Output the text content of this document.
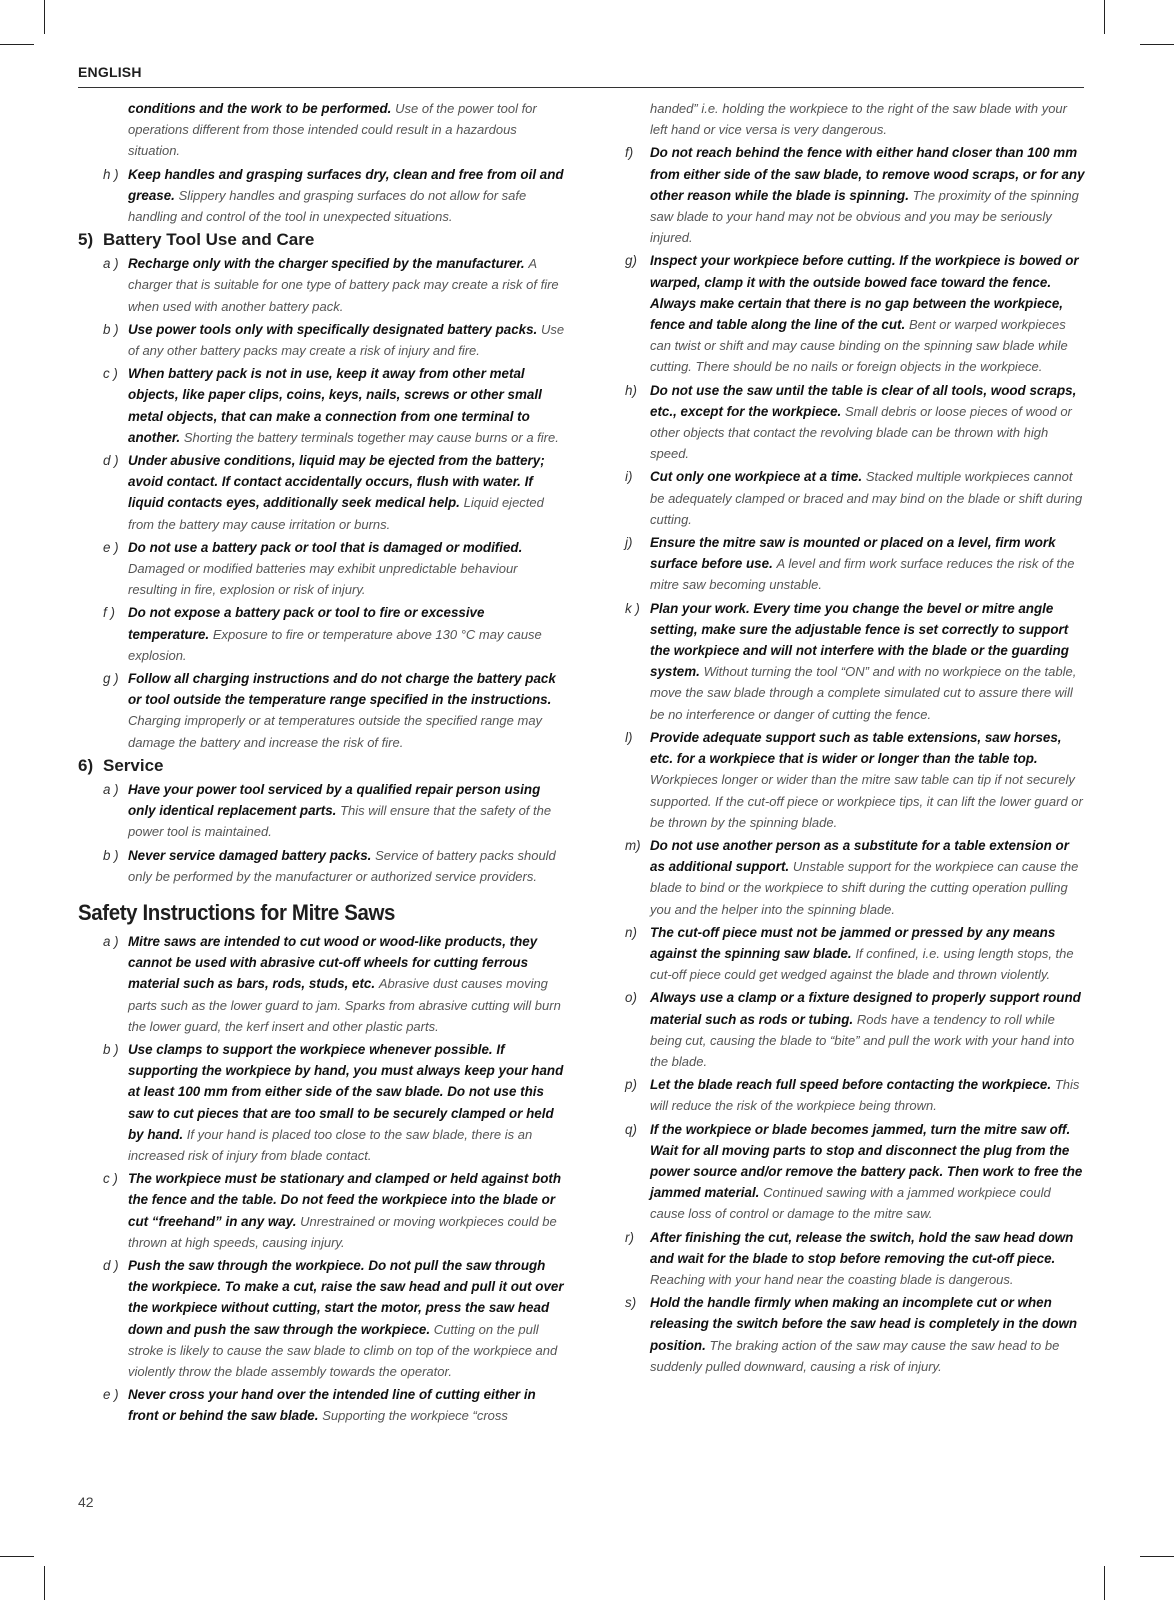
ENGLISH
conditions and the work to be performed. Use of the power tool for operations different from those intended could result in a hazardous situation.
h ) Keep handles and grasping surfaces dry, clean and free from oil and grease. Slippery handles and grasping surfaces do not allow for safe handling and control of the tool in unexpected situations.
5) Battery Tool Use and Care
a ) Recharge only with the charger specified by the manufacturer. A charger that is suitable for one type of battery pack may create a risk of fire when used with another battery pack.
b ) Use power tools only with specifically designated battery packs. Use of any other battery packs may create a risk of injury and fire.
c ) When battery pack is not in use, keep it away from other metal objects, like paper clips, coins, keys, nails, screws or other small metal objects, that can make a connection from one terminal to another. Shorting the battery terminals together may cause burns or a fire.
d ) Under abusive conditions, liquid may be ejected from the battery; avoid contact. If contact accidentally occurs, flush with water. If liquid contacts eyes, additionally seek medical help. Liquid ejected from the battery may cause irritation or burns.
e ) Do not use a battery pack or tool that is damaged or modified. Damaged or modified batteries may exhibit unpredictable behaviour resulting in fire, explosion or risk of injury.
f ) Do not expose a battery pack or tool to fire or excessive temperature. Exposure to fire or temperature above 130 °C may cause explosion.
g ) Follow all charging instructions and do not charge the battery pack or tool outside the temperature range specified in the instructions. Charging improperly or at temperatures outside the specified range may damage the battery and increase the risk of fire.
6) Service
a ) Have your power tool serviced by a qualified repair person using only identical replacement parts. This will ensure that the safety of the power tool is maintained.
b ) Never service damaged battery packs. Service of battery packs should only be performed by the manufacturer or authorized service providers.
Safety Instructions for Mitre Saws
a ) Mitre saws are intended to cut wood or wood-like products, they cannot be used with abrasive cut-off wheels for cutting ferrous material such as bars, rods, studs, etc. Abrasive dust causes moving parts such as the lower guard to jam. Sparks from abrasive cutting will burn the lower guard, the kerf insert and other plastic parts.
b ) Use clamps to support the workpiece whenever possible. If supporting the workpiece by hand, you must always keep your hand at least 100 mm from either side of the saw blade. Do not use this saw to cut pieces that are too small to be securely clamped or held by hand. If your hand is placed too close to the saw blade, there is an increased risk of injury from blade contact.
c ) The workpiece must be stationary and clamped or held against both the fence and the table. Do not feed the workpiece into the blade or cut “freehand” in any way. Unrestrained or moving workpieces could be thrown at high speeds, causing injury.
d ) Push the saw through the workpiece. Do not pull the saw through the workpiece. To make a cut, raise the saw head and pull it out over the workpiece without cutting, start the motor, press the saw head down and push the saw through the workpiece. Cutting on the pull stroke is likely to cause the saw blade to climb on top of the workpiece and violently throw the blade assembly towards the operator.
e ) Never cross your hand over the intended line of cutting either in front or behind the saw blade. Supporting the workpiece “cross
handed” i.e. holding the workpiece to the right of the saw blade with your left hand or vice versa is very dangerous.
f) Do not reach behind the fence with either hand closer than 100 mm from either side of the saw blade, to remove wood scraps, or for any other reason while the blade is spinning. The proximity of the spinning saw blade to your hand may not be obvious and you may be seriously injured.
g) Inspect your workpiece before cutting. If the workpiece is bowed or warped, clamp it with the outside bowed face toward the fence. Always make certain that there is no gap between the workpiece, fence and table along the line of the cut. Bent or warped workpieces can twist or shift and may cause binding on the spinning saw blade while cutting. There should be no nails or foreign objects in the workpiece.
h) Do not use the saw until the table is clear of all tools, wood scraps, etc., except for the workpiece. Small debris or loose pieces of wood or other objects that contact the revolving blade can be thrown with high speed.
i) Cut only one workpiece at a time. Stacked multiple workpieces cannot be adequately clamped or braced and may bind on the blade or shift during cutting.
j) Ensure the mitre saw is mounted or placed on a level, firm work surface before use. A level and firm work surface reduces the risk of the mitre saw becoming unstable.
k ) Plan your work. Every time you change the bevel or mitre angle setting, make sure the adjustable fence is set correctly to support the workpiece and will not interfere with the blade or the guarding system. Without turning the tool “ON” and with no workpiece on the table, move the saw blade through a complete simulated cut to assure there will be no interference or danger of cutting the fence.
l) Provide adequate support such as table extensions, saw horses, etc. for a workpiece that is wider or longer than the table top. Workpieces longer or wider than the mitre saw table can tip if not securely supported. If the cut-off piece or workpiece tips, it can lift the lower guard or be thrown by the spinning blade.
m) Do not use another person as a substitute for a table extension or as additional support. Unstable support for the workpiece can cause the blade to bind or the workpiece to shift during the cutting operation pulling you and the helper into the spinning blade.
n) The cut-off piece must not be jammed or pressed by any means against the spinning saw blade. If confined, i.e. using length stops, the cut-off piece could get wedged against the blade and thrown violently.
o) Always use a clamp or a fixture designed to properly support round material such as rods or tubing. Rods have a tendency to roll while being cut, causing the blade to “bite” and pull the work with your hand into the blade.
p) Let the blade reach full speed before contacting the workpiece. This will reduce the risk of the workpiece being thrown.
q) If the workpiece or blade becomes jammed, turn the mitre saw off. Wait for all moving parts to stop and disconnect the plug from the power source and/or remove the battery pack. Then work to free the jammed material. Continued sawing with a jammed workpiece could cause loss of control or damage to the mitre saw.
r) After finishing the cut, release the switch, hold the saw head down and wait for the blade to stop before removing the cut-off piece. Reaching with your hand near the coasting blade is dangerous.
s) Hold the handle firmly when making an incomplete cut or when releasing the switch before the saw head is completely in the down position. The braking action of the saw may cause the saw head to be suddenly pulled downward, causing a risk of injury.
42
